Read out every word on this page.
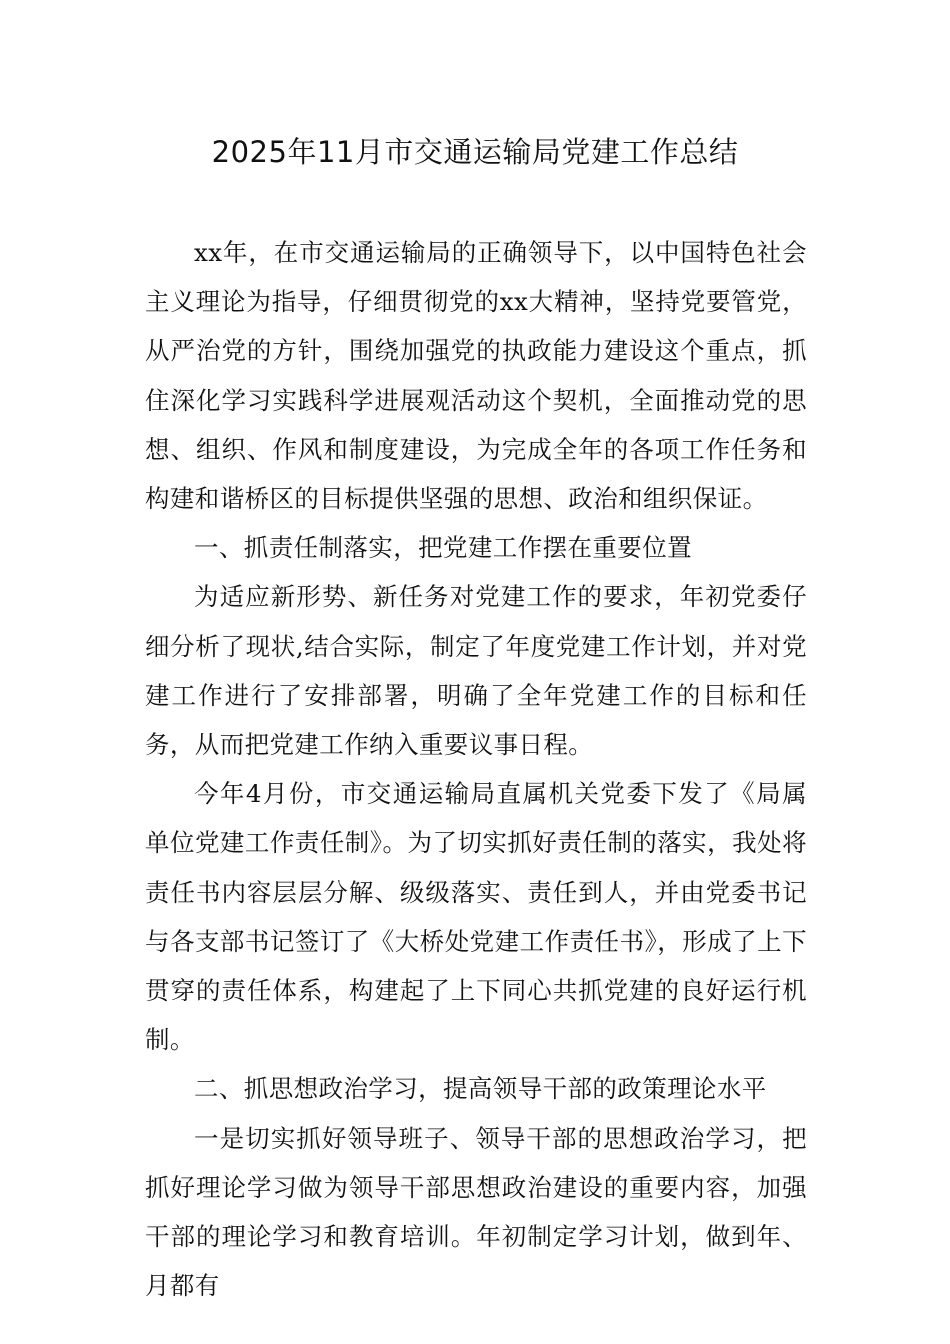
2025年11月市交通运输局党建工作总结

xx年，在市交通运输局的正确领导下，以中国特色社会主义理论为指导，仔细贯彻党的xx大精神，坚持党要管党，从严治党的方针，围绕加强党的执政能力建设这个重点，抓住深化学习实践科学进展观活动这个契机，全面推动党的思想、组织、作风和制度建设，为完成全年的各项工作任务和构建和谐桥区的目标提供坚强的思想、政治和组织保证。

一、抓责任制落实，把党建工作摆在重要位置

为适应新形势、新任务对党建工作的要求，年初党委仔细分析了现状,结合实际，制定了年度党建工作计划，并对党建工作进行了安排部署，明确了全年党建工作的目标和任务，从而把党建工作纳入重要议事日程。

今年4月份，市交通运输局直属机关党委下发了《局属单位党建工作责任制》。为了切实抓好责任制的落实，我处将责任书内容层层分解、级级落实、责任到人，并由党委书记与各支部书记签订了《大桥处党建工作责任书》，形成了上下贯穿的责任体系，构建起了上下同心共抓党建的良好运行机制。

二、抓思想政治学习，提高领导干部的政策理论水平

一是切实抓好领导班子、领导干部的思想政治学习，把抓好理论学习做为领导干部思想政治建设的重要内容，加强干部的理论学习和教育培训。年初制定学习计划，做到年、月都有
